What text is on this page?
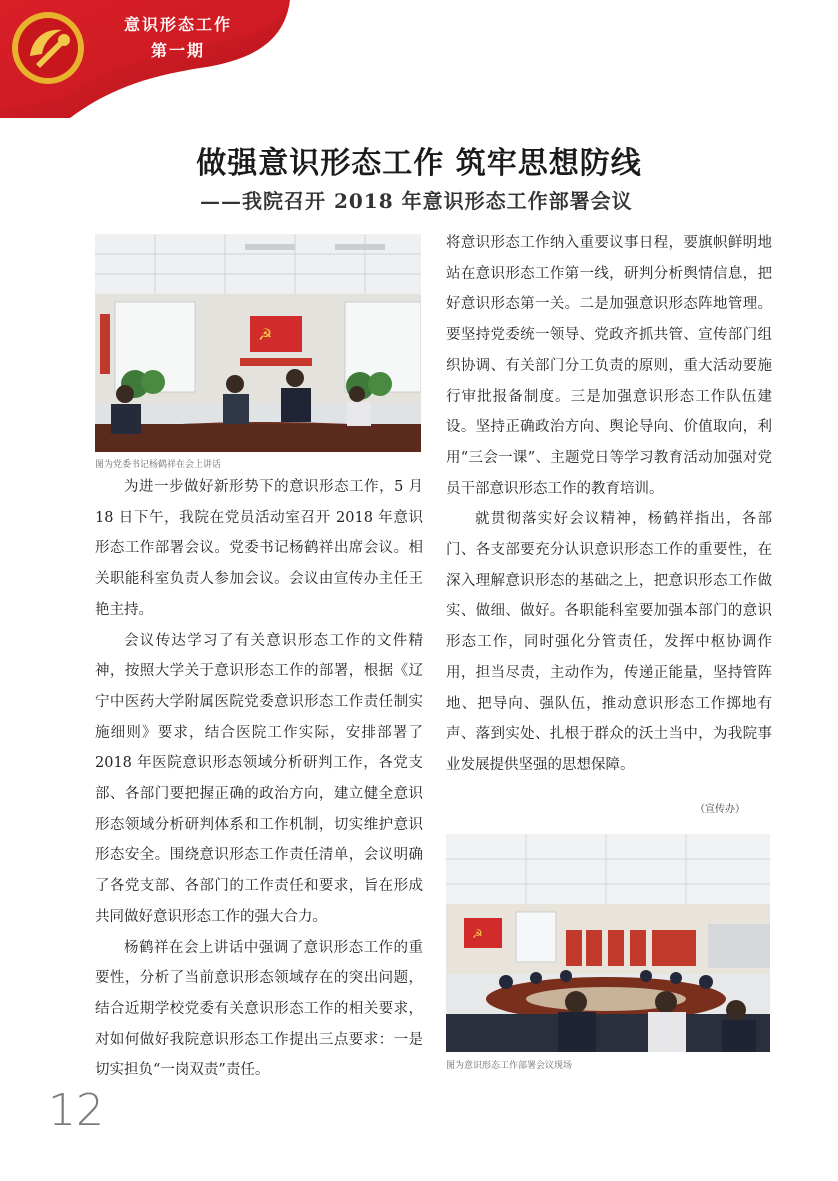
意识形态工作
第一期
做强意识形态工作 筑牢思想防线
——我院召开 2018 年意识形态工作部署会议
☭
图为党委书记杨鹤祥在会上讲话

为进一步做好新形势下的意识形态工作，5 月 18 日下午，我院在党员活动室召开 2018 年意识形态工作部署会议。党委书记杨鹤祥出席会议。相关职能科室负责人参加会议。会议由宣传办主任王艳主持。

会议传达学习了有关意识形态工作的文件精神，按照大学关于意识形态工作的部署，根据《辽宁中医药大学附属医院党委意识形态工作责任制实施细则》要求，结合医院工作实际，安排部署了 2018 年医院意识形态领域分析研判工作，各党支部、各部门要把握正确的政治方向，建立健全意识形态领域分析研判体系和工作机制，切实维护意识形态安全。围绕意识形态工作责任清单，会议明确了各党支部、各部门的工作责任和要求，旨在形成共同做好意识形态工作的强大合力。

杨鹤祥在会上讲话中强调了意识形态工作的重要性，分析了当前意识形态领域存在的突出问题，结合近期学校党委有关意识形态工作的相关要求，对如何做好我院意识形态工作提出三点要求：一是切实担负“一岗双责”责任。

将意识形态工作纳入重要议事日程，要旗帜鲜明地站在意识形态工作第一线，研判分析舆情信息，把好意识形态第一关。二是加强意识形态阵地管理。要坚持党委统一领导、党政齐抓共管、宣传部门组织协调、有关部门分工负责的原则，重大活动要施行审批报备制度。三是加强意识形态工作队伍建设。坚持正确政治方向、舆论导向、价值取向，利用“三会一课”、主题党日等学习教育活动加强对党员干部意识形态工作的教育培训。

就贯彻落实好会议精神，杨鹤祥指出，各部门、各支部要充分认识意识形态工作的重要性，在深入理解意识形态的基础之上，把意识形态工作做实、做细、做好。各职能科室要加强本部门的意识形态工作，同时强化分管责任，发挥中枢协调作用，担当尽责，主动作为，传递正能量，坚持管阵地、把导向、强队伍，推动意识形态工作掷地有声、落到实处、扎根于群众的沃土当中，为我院事业发展提供坚强的思想保障。

（宣传办）
☭
图为意识形态工作部署会议现场
12
